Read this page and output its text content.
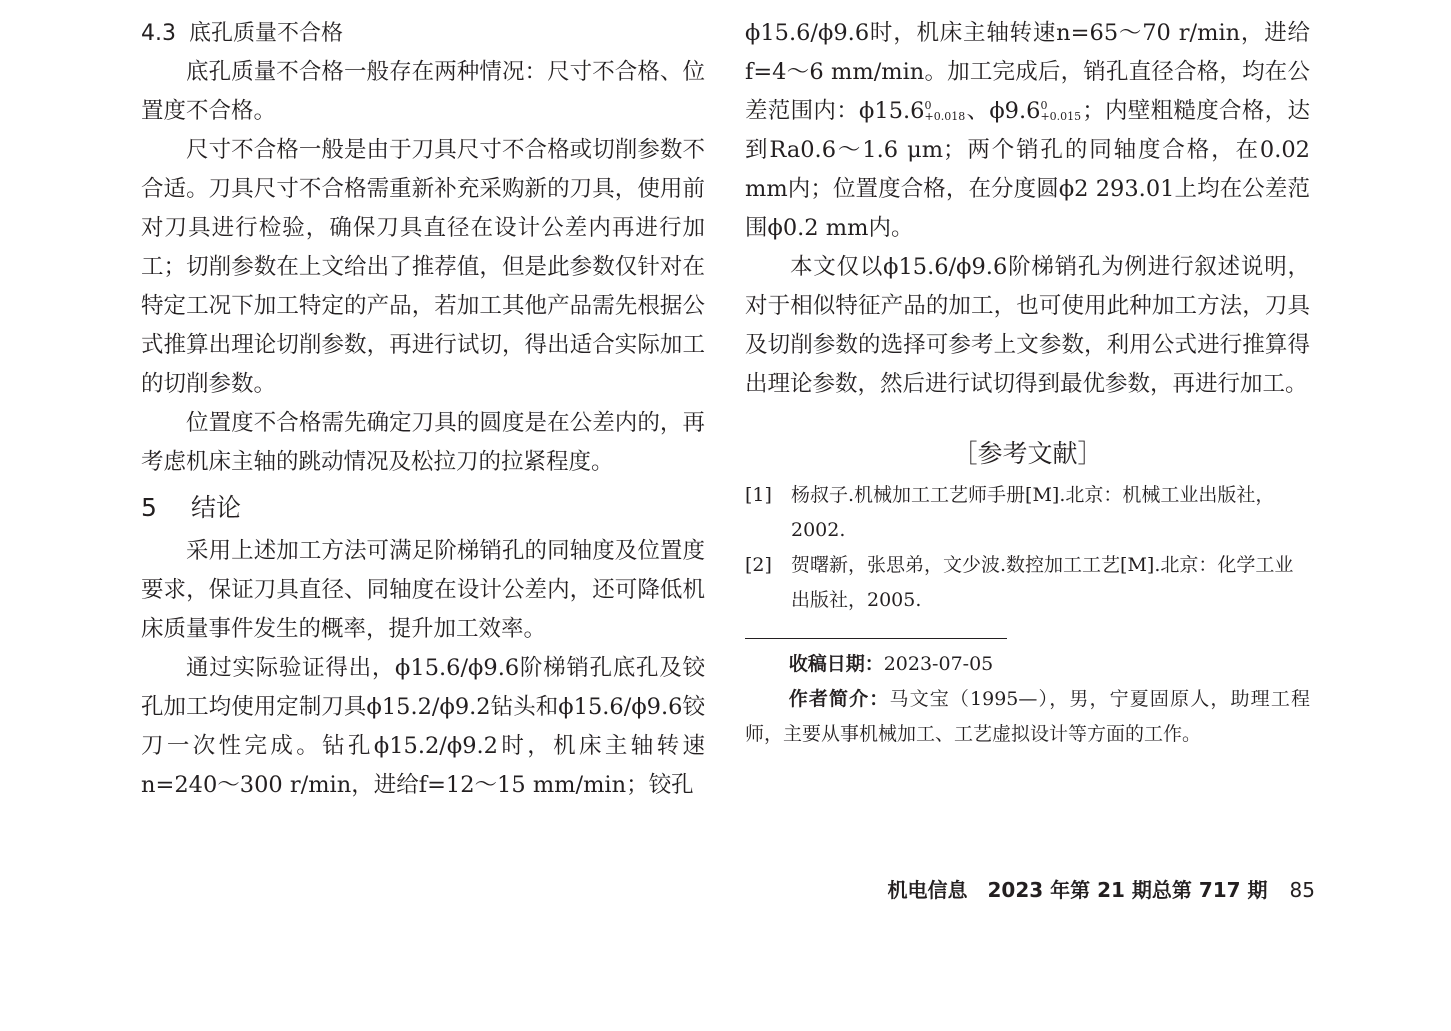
4.3 底孔质量不合格

底孔质量不合格一般存在两种情况：尺寸不合格、位置度不合格。

尺寸不合格一般是由于刀具尺寸不合格或切削参数不合适。刀具尺寸不合格需重新补充采购新的刀具，使用前对刀具进行检验，确保刀具直径在设计公差内再进行加工；切削参数在上文给出了推荐值，但是此参数仅针对在特定工况下加工特定的产品，若加工其他产品需先根据公式推算出理论切削参数，再进行试切，得出适合实际加工的切削参数。

位置度不合格需先确定刀具的圆度是在公差内的，再考虑机床主轴的跳动情况及松拉刀的拉紧程度。

5 结论

采用上述加工方法可满足阶梯销孔的同轴度及位置度要求，保证刀具直径、同轴度在设计公差内，还可降低机床质量事件发生的概率，提升加工效率。

通过实际验证得出，ϕ15.6/ϕ9.6阶梯销孔底孔及铰孔加工均使用定制刀具ϕ15.2/ϕ9.2钻头和ϕ15.6/ϕ9.6铰刀一次性完成。钻孔ϕ15.2/ϕ9.2时，机床主轴转速n=240～300 r/min，进给f=12～15 mm/min；铰孔

ϕ15.6/ϕ9.6时，机床主轴转速n=65～70 r/min，进给f=4～6 mm/min。加工完成后，销孔直径合格，均在公差范围内：ϕ15.6 0
+0.018 、ϕ9.6 0
+0.015 ；内壁粗糙度合格，达到Ra0.6～1.6 μm；两个销孔的同轴度合格，在0.02 mm内；位置度合格，在分度圆ϕ2 293.01上均在公差范围ϕ0.2 mm内。

本文仅以ϕ15.6/ϕ9.6阶梯销孔为例进行叙述说明，对于相似特征产品的加工，也可使用此种加工方法，刀具及切削参数的选择可参考上文参数，利用公式进行推算得出理论参数，然后进行试切得到最优参数，再进行加工。

［参考文献］
[1] 杨叔子.机械加工工艺师手册[M].北京：机械工业出版社，2002.
[2] 贺曙新，张思弟，文少波.数控加工工艺[M].北京：化学工业出版社，2005.
收稿日期：2023-07-05
作者简介：马文宝（1995—），男，宁夏固原人，助理工程师，主要从事机械加工、工艺虚拟设计等方面的工作。
机电信息　2023 年第 21 期总第 717 期 85
